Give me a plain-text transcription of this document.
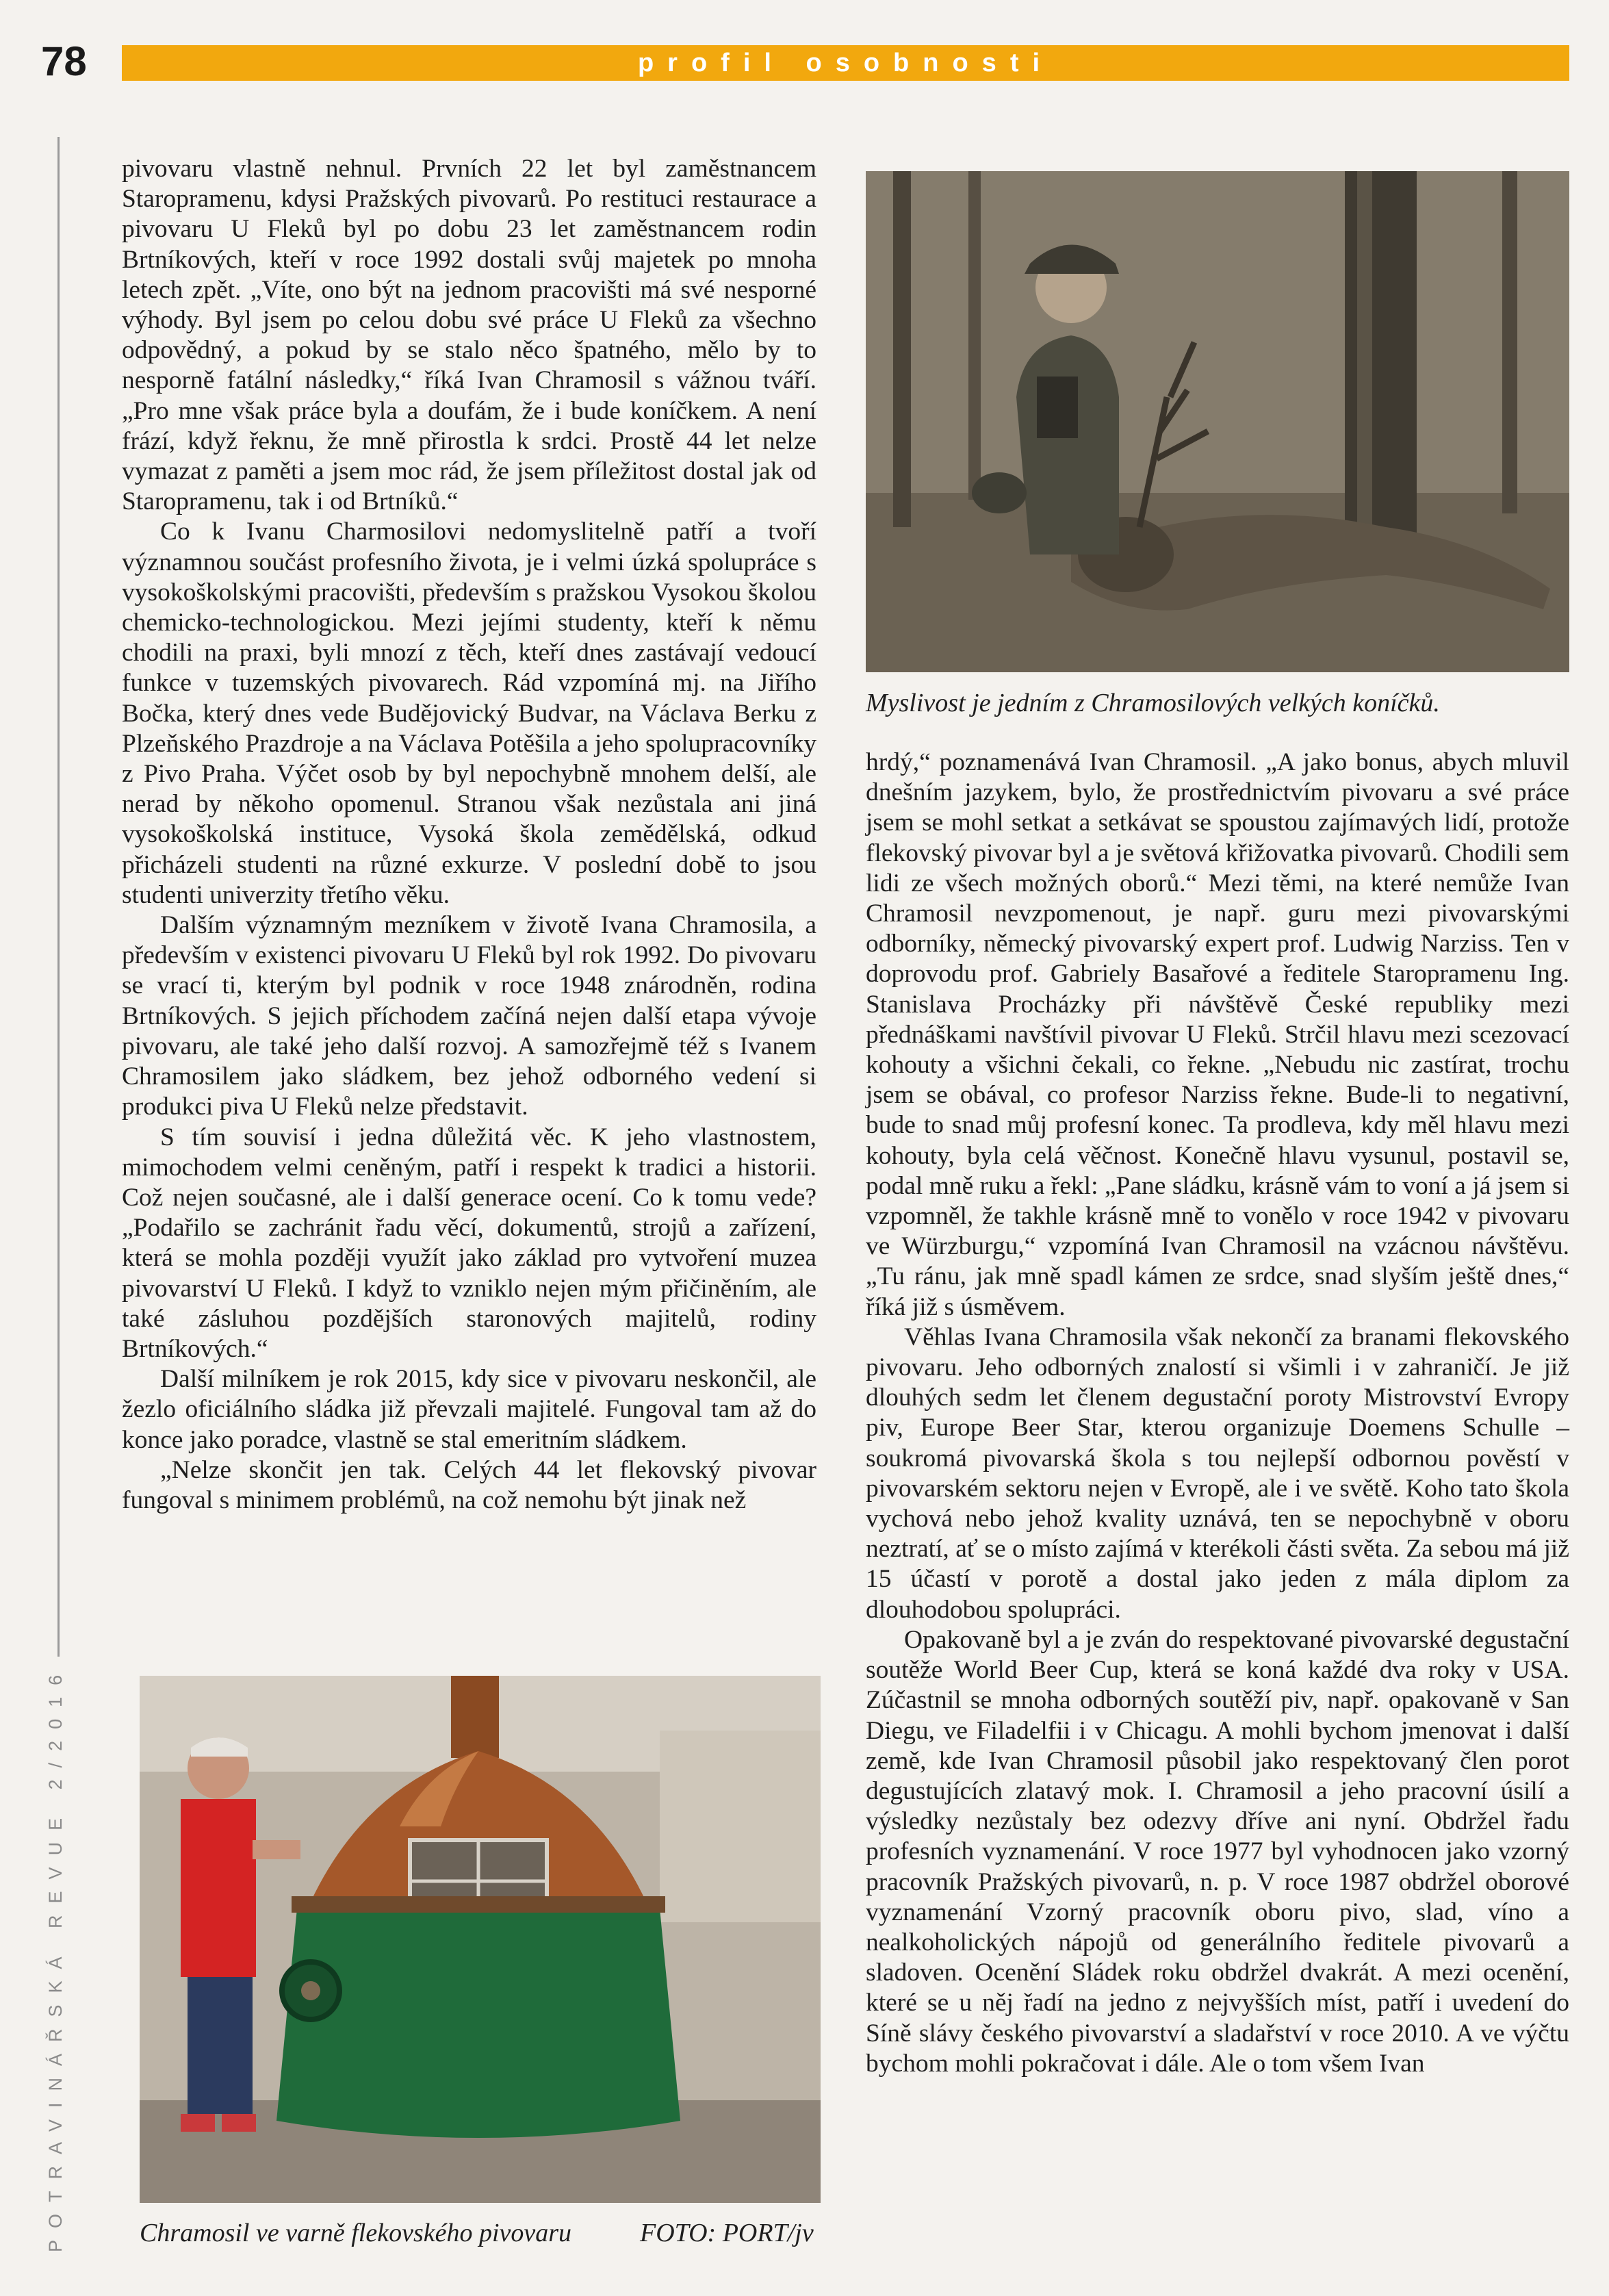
78	profil osobnosti
POTRAVINÁŘSKÁ REVUE 2/2016

pivovaru vlastně nehnul. Prvních 22 let byl zaměstnancem Staropramenu, kdysi Pražských pivovarů. Po restituci restaurace a pivovaru U Fleků byl po dobu 23 let zaměstnancem rodin Brtníkových, kteří v roce 1992 dostali svůj majetek po mnoha letech zpět. „Víte, ono být na jednom pracovišti má své nesporné výhody. Byl jsem po celou dobu své práce U Fleků za všechno odpovědný, a pokud by se stalo něco špatného, mělo by to nesporně fatální následky,“ říká Ivan Chramosil s vážnou tváří. „Pro mne však práce byla a doufám, že i bude koníčkem. A není frází, když řeknu, že mně přirostla k srdci. Prostě 44 let nelze vymazat z paměti a jsem moc rád, že jsem příležitost dostal jak od Staropramenu, tak i od Brtníků.“

Co k Ivanu Charmosilovi nedomyslitelně patří a tvoří významnou součást profesního života, je i velmi úzká spolupráce s vysokoškolskými pracovišti, především s pražskou Vysokou školou chemicko-technologickou. Mezi jejími studenty, kteří k němu chodili na praxi, byli mnozí z těch, kteří dnes zastávají vedoucí funkce v tuzemských pivovarech. Rád vzpomíná mj. na Jiřího Bočka, který dnes vede Budějovický Budvar, na Václava Berku z Plzeňského Prazdroje a na Václava Potěšila a jeho spolupracovníky z Pivo Praha. Výčet osob by byl nepochybně mnohem delší, ale nerad by někoho opomenul. Stranou však nezůstala ani jiná vysokoškolská instituce, Vysoká škola zemědělská, odkud přicházeli studenti na různé exkurze. V poslední době to jsou studenti univerzity třetího věku.

Dalším významným mezníkem v životě Ivana Chramosila, a především v existenci pivovaru U Fleků byl rok 1992. Do pivovaru se vrací ti, kterým byl podnik v roce 1948 znárodněn, rodina Brtníkových. S jejich příchodem začíná nejen další etapa vývoje pivovaru, ale také jeho další rozvoj. A samozřejmě též s Ivanem Chramosilem jako sládkem, bez jehož odborného vedení si produkci piva U Fleků nelze představit.

S tím souvisí i jedna důležitá věc. K jeho vlastnostem, mimochodem velmi ceněným, patří i respekt k tradici a historii. Což nejen současné, ale i další generace ocení. Co k tomu vede? „Podařilo se zachránit řadu věcí, dokumentů, strojů a zařízení, která se mohla později využít jako základ pro vytvoření muzea pivovarství U Fleků. I když to vzniklo nejen mým přičiněním, ale také zásluhou pozdějších staronových majitelů, rodiny Brtníkových.“

Další milníkem je rok 2015, kdy sice v pivovaru neskončil, ale žezlo oficiálního sládka již převzali majitelé. Fungoval tam až do konce jako poradce, vlastně se stal emeritním sládkem.

„Nelze skončit jen tak. Celých 44 let flekovský pivovar fungoval s minimem problémů, na což nemohu být jinak než

Myslivost je jedním z Chramosilových velkých koníčků.

hrdý,“ poznamenává Ivan Chramosil. „A jako bonus, abych mluvil dnešním jazykem, bylo, že prostřednictvím pivovaru a své práce jsem se mohl setkat a setkávat se spoustou zajímavých lidí, protože flekovský pivovar byl a je světová křižovatka pivovarů. Chodili sem lidi ze všech možných oborů.“ Mezi těmi, na které nemůže Ivan Chramosil nevzpomenout, je např. guru mezi pivovarskými odborníky, německý pivovarský expert prof. Ludwig Narziss. Ten v doprovodu prof. Gabriely Basařové a ředitele Staropramenu Ing. Stanislava Procházky při návštěvě České republiky mezi přednáškami navštívil pivovar U Fleků. Strčil hlavu mezi scezovací kohouty a všichni čekali, co řekne. „Nebudu nic zastírat, trochu jsem se obával, co profesor Narziss řekne. Bude-li to negativní, bude to snad můj profesní konec. Ta prodleva, kdy měl hlavu mezi kohouty, byla celá věčnost. Konečně hlavu vysunul, postavil se, podal mně ruku a řekl: „Pane sládku, krásně vám to voní a já jsem si vzpomněl, že takhle krásně mně to vonělo v roce 1942 v pivovaru ve Würzburgu,“ vzpomíná Ivan Chramosil na vzácnou návštěvu. „Tu ránu, jak mně spadl kámen ze srdce, snad slyším ještě dnes,“ říká již s úsměvem.

Věhlas Ivana Chramosila však nekončí za branami flekovského pivovaru. Jeho odborných znalostí si všimli i v zahraničí. Je již dlouhých sedm let členem degustační poroty Mistrovství Evropy piv, Europe Beer Star, kterou organizuje Doemens Schulle – soukromá pivovarská škola s tou nejlepší odbornou pověstí v pivovarském sektoru nejen v Evropě, ale i ve světě. Koho tato škola vychová nebo jehož kvality uznává, ten se nepochybně v oboru neztratí, ať se o místo zajímá v kterékoli části světa. Za sebou má již 15 účastí v porotě a dostal jako jeden z mála diplom za dlouhodobou spolupráci.

Opakovaně byl a je zván do respektované pivovarské degustační soutěže World Beer Cup, která se koná každé dva roky v USA. Zúčastnil se mnoha odborných soutěží piv, např. opakovaně v San Diegu, ve Filadelfii i v Chicagu. A mohli bychom jmenovat i další země, kde Ivan Chramosil působil jako respektovaný člen porot degustujících zlatavý mok. I. Chramosil a jeho pracovní úsilí a výsledky nezůstaly bez odezvy dříve ani nyní. Obdržel řadu profesních vyznamenání. V roce 1977 byl vyhodnocen jako vzorný pracovník Pražských pivovarů, n. p. V roce 1987 obdržel oborové vyznamenání Vzorný pracovník oboru pivo, slad, víno a nealkoholických nápojů od generálního ředitele pivovarů a sladoven. Ocenění Sládek roku obdržel dvakrát. A mezi ocenění, které se u něj řadí na jedno z nejvyšších míst, patří i uvedení do Síně slávy českého pivovarství a sladařství v roce 2010. A ve výčtu bychom mohli pokračovat i dále. Ale o tom všem Ivan

Chramosil ve varně flekovského pivovaru	FOTO: PORT/jv
